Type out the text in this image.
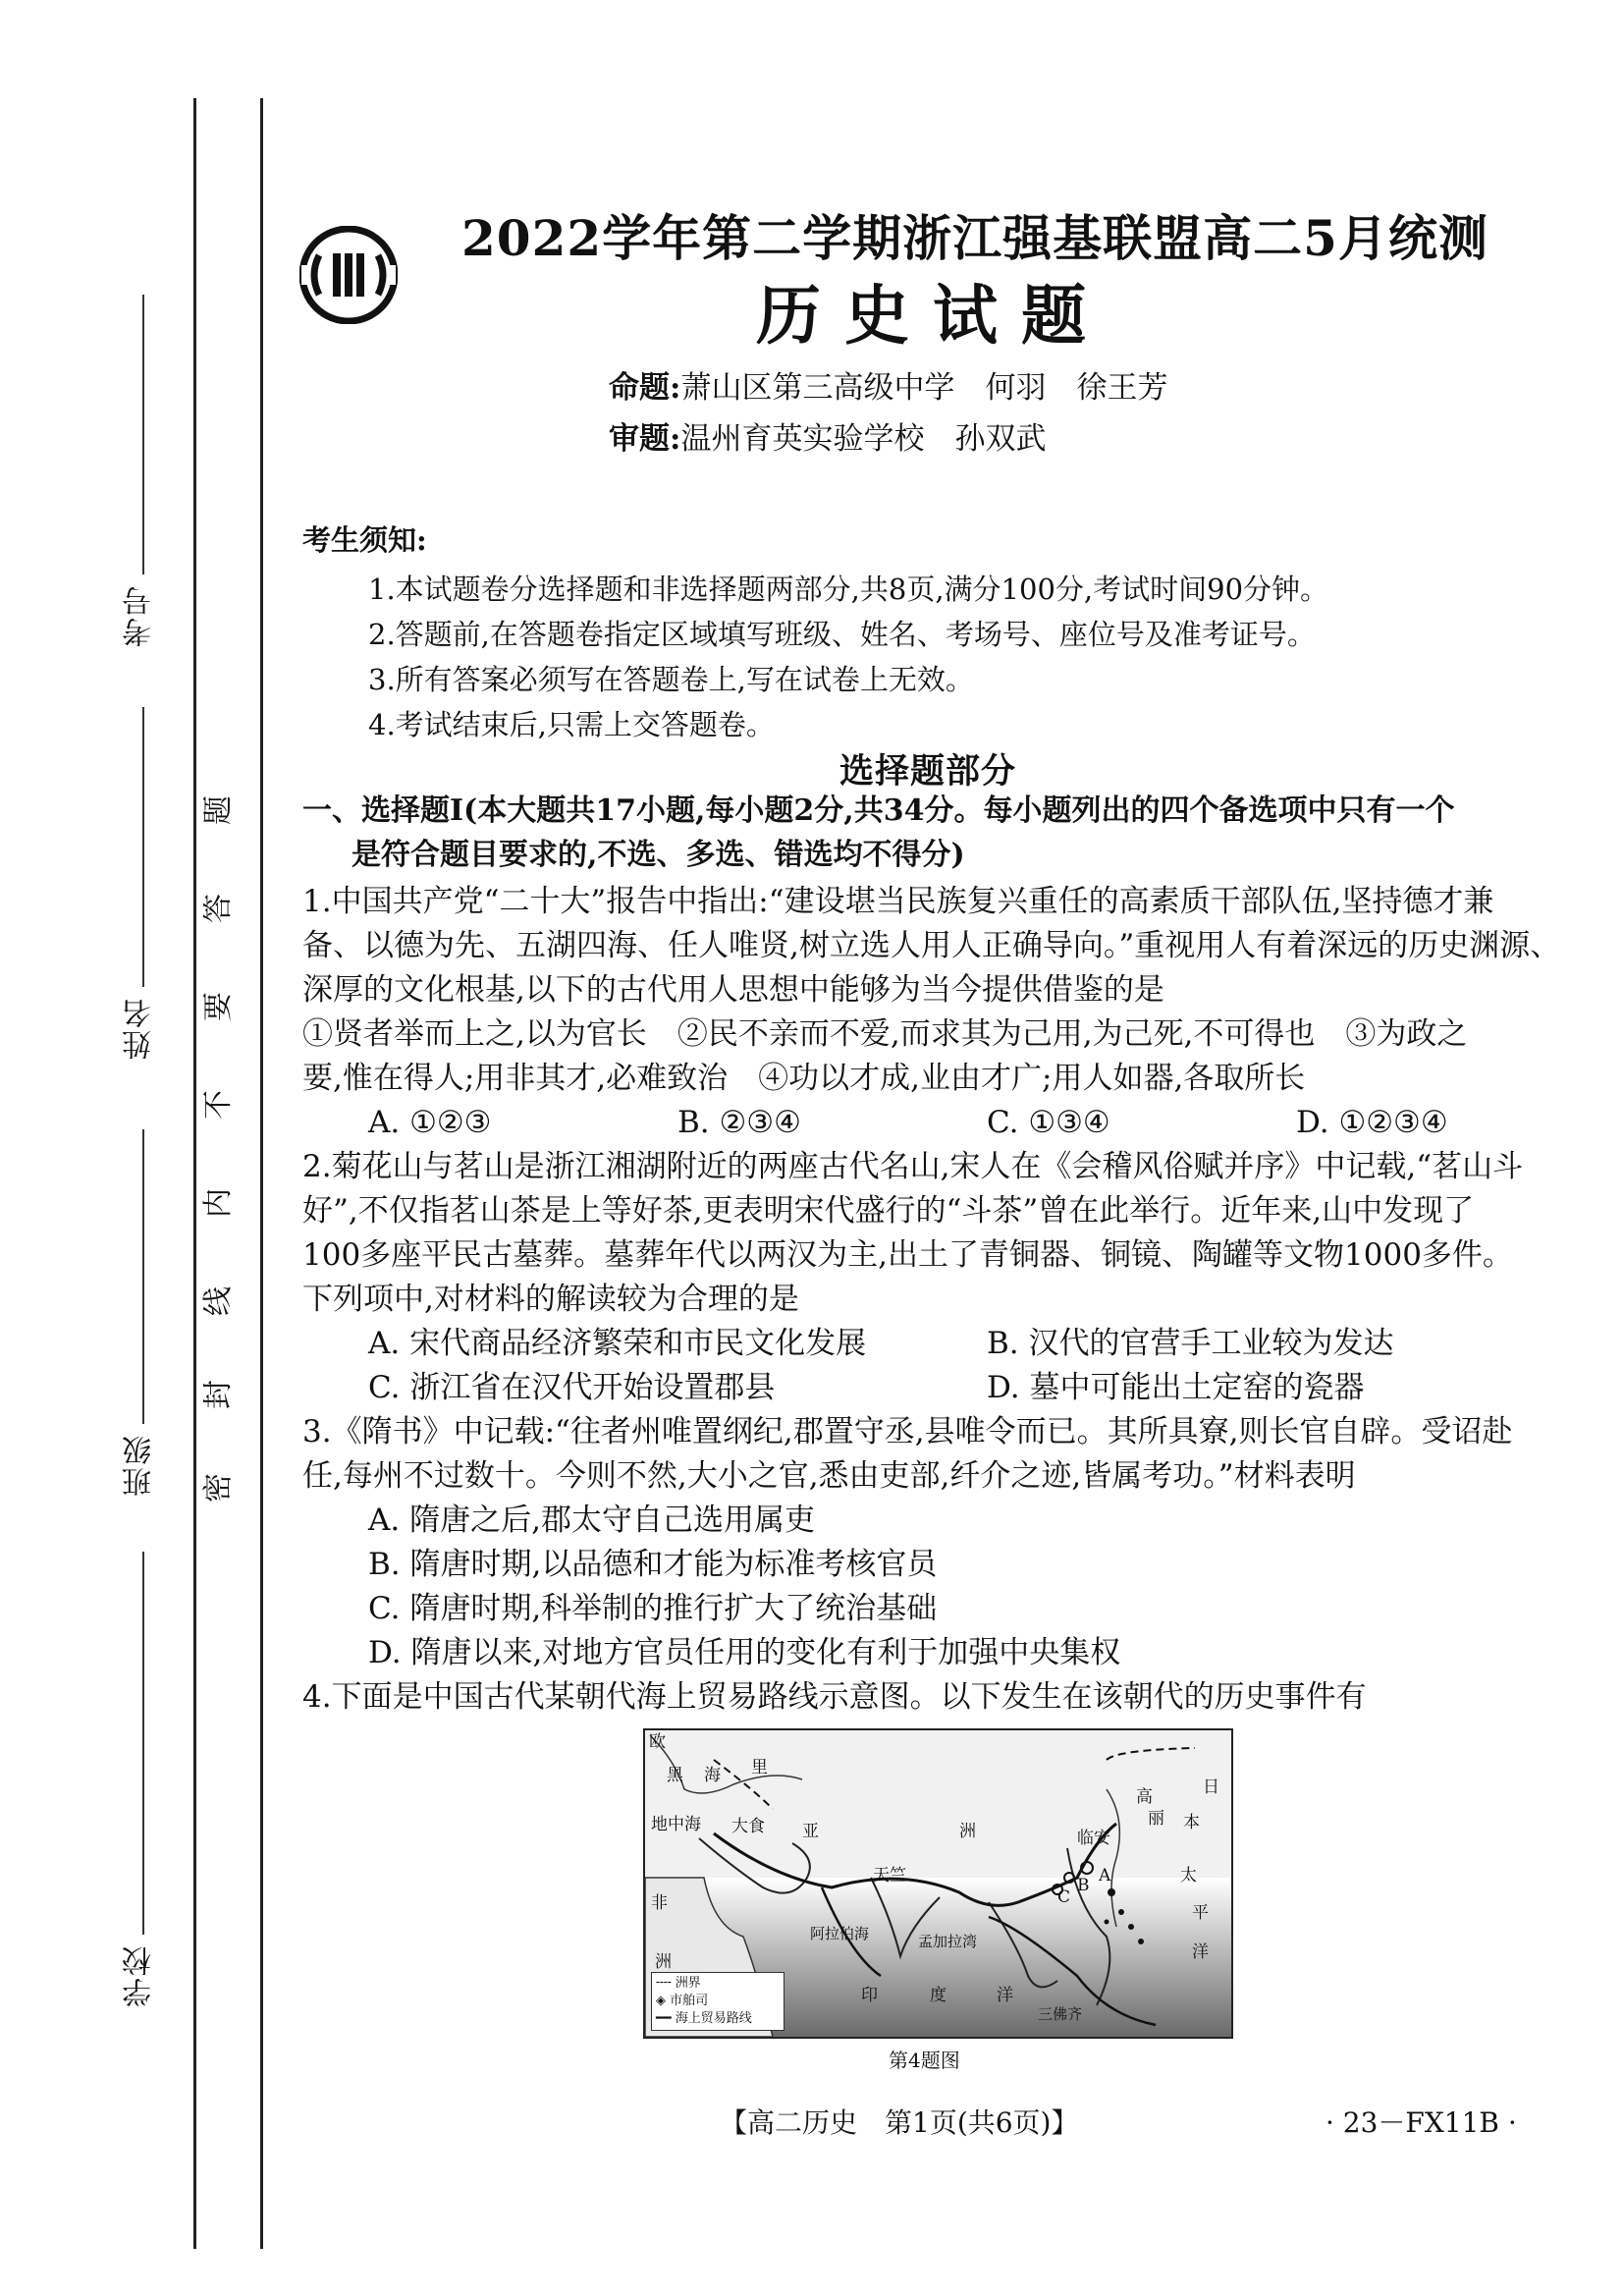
考号
姓名
班级
学校
密
封
线
内
不
要
答
题
2022学年第二学期浙江强基联盟高二5月统测
历史试题
命题:萧山区第三高级中学　何羽　徐王芳
审题:温州育英实验学校　孙双武
考生须知:
1.本试题卷分选择题和非选择题两部分,共8页,满分100分,考试时间90分钟。
2.答题前,在答题卷指定区域填写班级、姓名、考场号、座位号及准考证号。
3.所有答案必须写在答题卷上,写在试卷上无效。
4.考试结束后,只需上交答题卷。
选择题部分
一、选择题Ⅰ(本大题共17小题,每小题2分,共34分。每小题列出的四个备选项中只有一个
是符合题目要求的,不选、多选、错选均不得分)
1.中国共产党“二十大”报告中指出:“建设堪当民族复兴重任的高素质干部队伍,坚持德才兼
备、以德为先、五湖四海、任人唯贤,树立选人用人正确导向。”重视用人有着深远的历史渊源、
深厚的文化根基,以下的古代用人思想中能够为当今提供借鉴的是
①贤者举而上之,以为官长　②民不亲而不爱,而求其为己用,为己死,不可得也　③为政之
要,惟在得人;用非其才,必难致治　④功以才成,业由才广;用人如器,各取所长
A. ①②③	B. ②③④	C. ①③④	D. ①②③④
2.菊花山与茗山是浙江湘湖附近的两座古代名山,宋人在《会稽风俗赋并序》中记载,“茗山斗
好”,不仅指茗山茶是上等好茶,更表明宋代盛行的“斗茶”曾在此举行。近年来,山中发现了
100多座平民古墓葬。墓葬年代以两汉为主,出土了青铜器、铜镜、陶罐等文物1000多件。
下列项中,对材料的解读较为合理的是
A. 宋代商品经济繁荣和市民文化发展	B. 汉代的官营手工业较为发达
C. 浙江省在汉代开始设置郡县	D. 墓中可能出土定窑的瓷器
3.《隋书》中记载:“往者州唯置纲纪,郡置守丞,县唯令而已。其所具寮,则长官自辟。受诏赴
任,每州不过数十。今则不然,大小之官,悉由吏部,纤介之迹,皆属考功。”材料表明
A. 隋唐之后,郡太守自己选用属吏
B. 隋唐时期,以品德和才能为标准考核官员
C. 隋唐时期,科举制的推行扩大了统治基础
D. 隋唐以来,对地方官员任用的变化有利于加强中央集权
4.下面是中国古代某朝代海上贸易路线示意图。以下发生在该朝代的历史事件有
欧
黑 海 里
地中海 大食 亚	洲
天竺
临安
高
丽
日
本
太
平
洋
非
洲
阿拉伯海	孟加拉湾
印	度	洋
三佛齐
A
B
C
╌╌ 洲界
◈ 市舶司
━━ 海上贸易路线
第4题图
【高二历史　第1页(共6页)】	· 23－FX11B ·
